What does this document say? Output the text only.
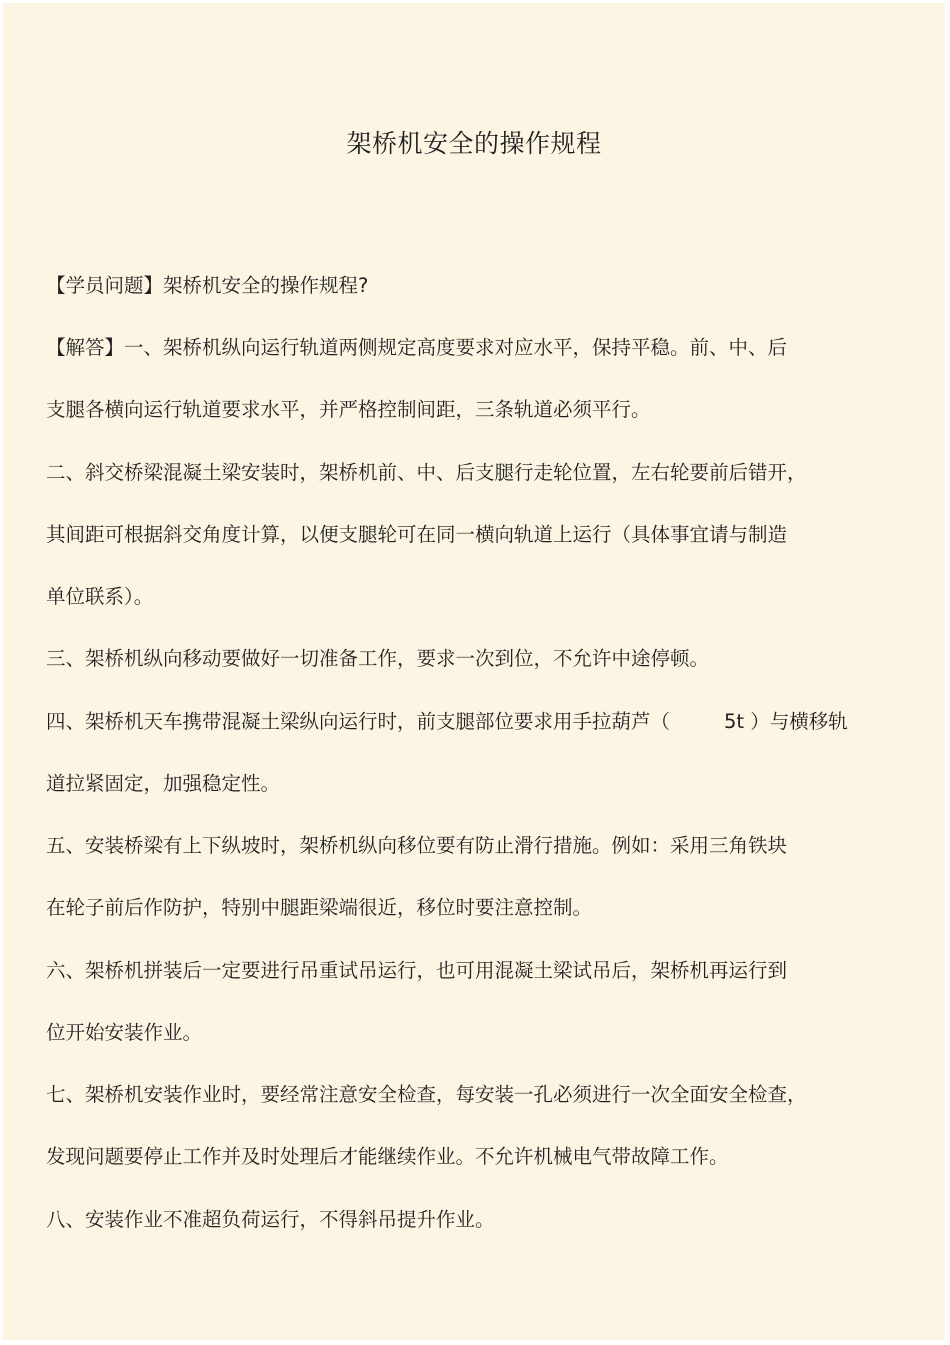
架桥机安全的操作规程
【学员问题】架桥机安全的操作规程?
【解答】一、架桥机纵向运行轨道两侧规定高度要求对应水平，保持平稳。前、中、后
支腿各横向运行轨道要求水平，并严格控制间距，三条轨道必须平行。
二、斜交桥梁混凝土梁安装时，架桥机前、中、后支腿行走轮位置，左右轮要前后错开，
其间距可根据斜交角度计算，以便支腿轮可在同一横向轨道上运行（具体事宜请与制造
单位联系）。
三、架桥机纵向移动要做好一切准备工作，要求一次到位，不允许中途停顿。
四、架桥机天车携带混凝土梁纵向运行时，前支腿部位要求用手拉葫芦（	5t ）与横移轨
道拉紧固定，加强稳定性。
五、安装桥梁有上下纵坡时，架桥机纵向移位要有防止滑行措施。例如：采用三角铁块
在轮子前后作防护，特别中腿距梁端很近，移位时要注意控制。
六、架桥机拼装后一定要进行吊重试吊运行，也可用混凝土梁试吊后，架桥机再运行到
位开始安装作业。
七、架桥机安装作业时，要经常注意安全检查，每安装一孔必须进行一次全面安全检查，
发现问题要停止工作并及时处理后才能继续作业。不允许机械电气带故障工作。
八、安装作业不准超负荷运行，不得斜吊提升作业。
